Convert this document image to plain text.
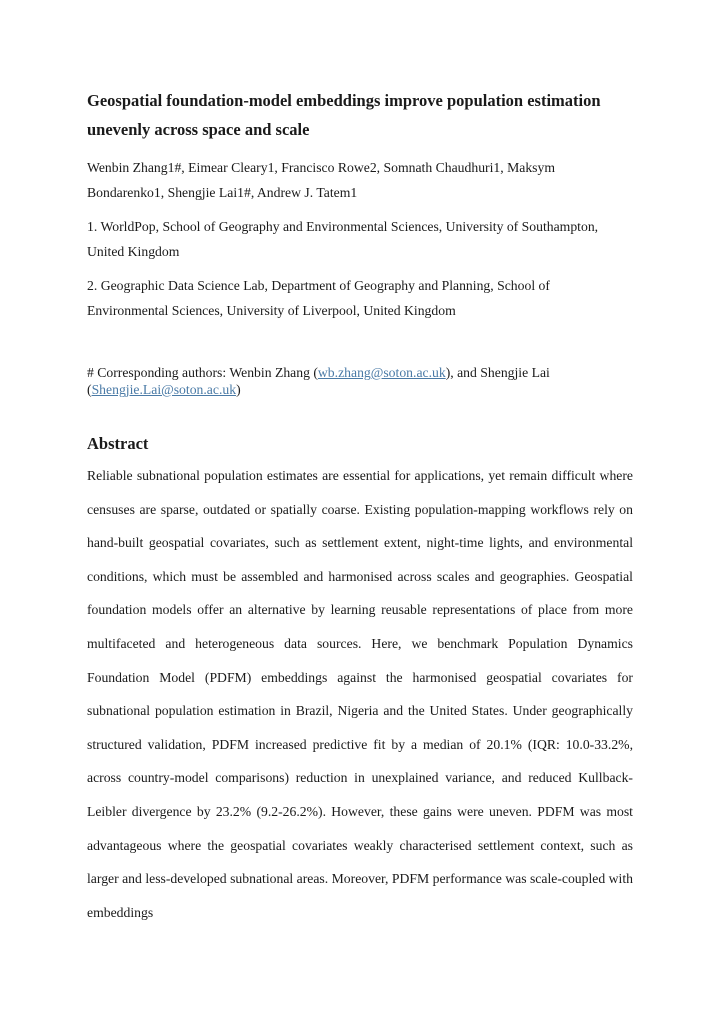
Geospatial foundation-model embeddings improve population estimation unevenly across space and scale

Wenbin Zhang1#, Eimear Cleary1, Francisco Rowe2, Somnath Chaudhuri1, Maksym Bondarenko1, Shengjie Lai1#, Andrew J. Tatem1

1. WorldPop, School of Geography and Environmental Sciences, University of Southampton, United Kingdom

2. Geographic Data Science Lab, Department of Geography and Planning, School of Environmental Sciences, University of Liverpool, United Kingdom

# Corresponding authors: Wenbin Zhang (wb.zhang@soton.ac.uk), and Shengjie Lai (Shengjie.Lai@soton.ac.uk)

Abstract

Reliable subnational population estimates are essential for applications, yet remain difficult where censuses are sparse, outdated or spatially coarse. Existing population-mapping workflows rely on hand-built geospatial covariates, such as settlement extent, night-time lights, and environmental conditions, which must be assembled and harmonised across scales and geographies. Geospatial foundation models offer an alternative by learning reusable representations of place from more multifaceted and heterogeneous data sources. Here, we benchmark Population Dynamics Foundation Model (PDFM) embeddings against the harmonised geospatial covariates for subnational population estimation in Brazil, Nigeria and the United States. Under geographically structured validation, PDFM increased predictive fit by a median of 20.1% (IQR: 10.0-33.2%, across country-model comparisons) reduction in unexplained variance, and reduced Kullback-Leibler divergence by 23.2% (9.2-26.2%). However, these gains were uneven. PDFM was most advantageous where the geospatial covariates weakly characterised settlement context, such as larger and less-developed subnational areas. Moreover, PDFM performance was scale-coupled with embeddings
